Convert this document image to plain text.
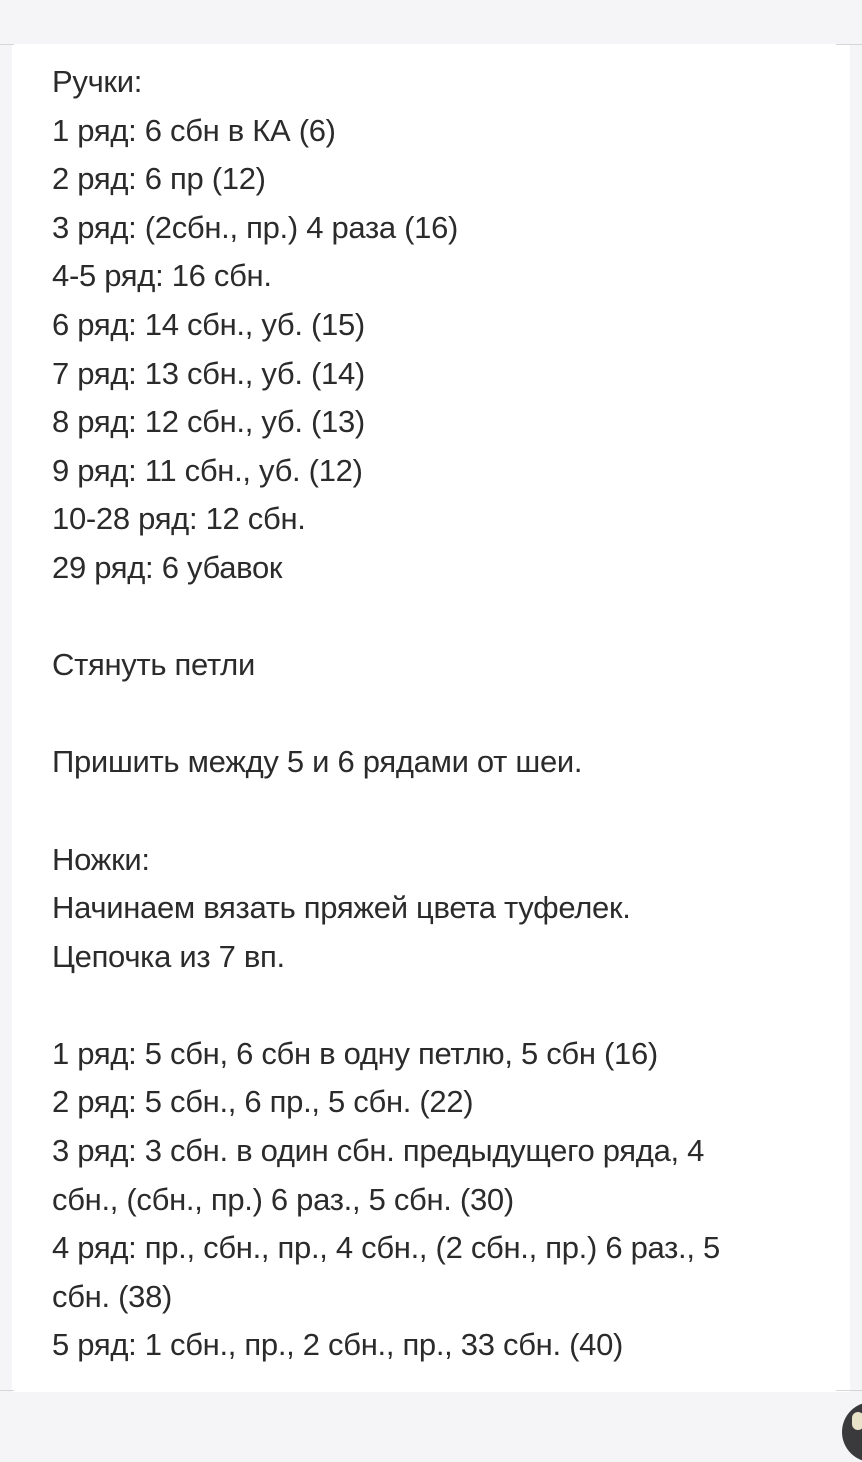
Ручки:
1 ряд: 6 сбн в КА (6)
2 ряд: 6 пр (12)
3 ряд: (2сбн., пр.) 4 раза (16)
4-5 ряд: 16 сбн.
6 ряд: 14 сбн., уб. (15)
7 ряд: 13 сбн., уб. (14)
8 ряд: 12 сбн., уб. (13)
9 ряд: 11 сбн., уб. (12)
10-28 ряд: 12 сбн.
29 ряд: 6 убавок
Стянуть петли
Пришить между 5 и 6 рядами от шеи.
Ножки:
Начинаем вязать пряжей цвета туфелек.
Цепочка из 7 вп.
1 ряд: 5 сбн, 6 сбн в одну петлю, 5 сбн (16)
2 ряд: 5 сбн., 6 пр., 5 сбн. (22)
3 ряд: 3 сбн. в один сбн. предыдущего ряда, 4
сбн., (сбн., пр.) 6 раз., 5 сбн. (30)
4 ряд: пр., сбн., пр., 4 сбн., (2 сбн., пр.) 6 раз., 5
сбн. (38)
5 ряд: 1 сбн., пр., 2 сбн., пр., 33 сбн. (40)
